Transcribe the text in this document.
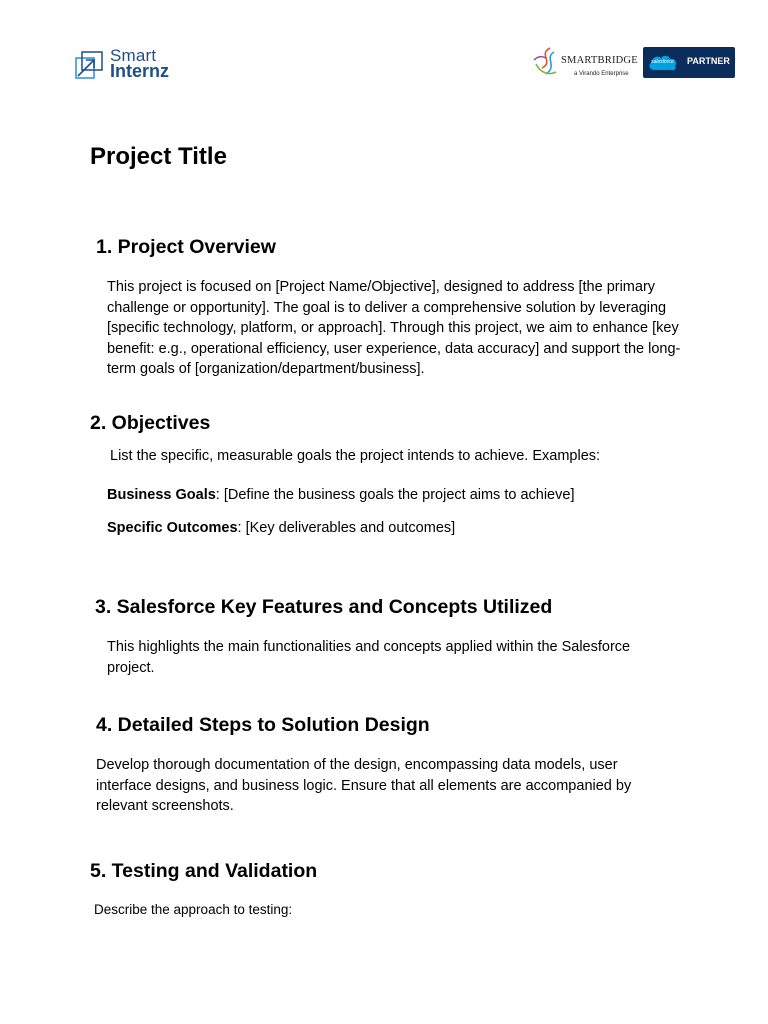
Smart
Internz
SMARTBRIDGE
a Virando Enterprise
salesforce PARTNER
Project Title
1. Project Overview
This project is focused on [Project Name/Objective], designed to address [the primary challenge or opportunity]. The goal is to deliver a comprehensive solution by leveraging [specific technology, platform, or approach]. Through this project, we aim to enhance [key benefit: e.g., operational efficiency, user experience, data accuracy] and support the long-term goals of [organization/department/business].
2. Objectives
List the specific, measurable goals the project intends to achieve. Examples:
Business Goals: [Define the business goals the project aims to achieve]
Specific Outcomes: [Key deliverables and outcomes]
3. Salesforce Key Features and Concepts Utilized
This highlights the main functionalities and concepts applied within the Salesforce project.
4. Detailed Steps to Solution Design
Develop thorough documentation of the design, encompassing data models, user interface designs, and business logic. Ensure that all elements are accompanied by relevant screenshots.
5. Testing and Validation
Describe the approach to testing:
